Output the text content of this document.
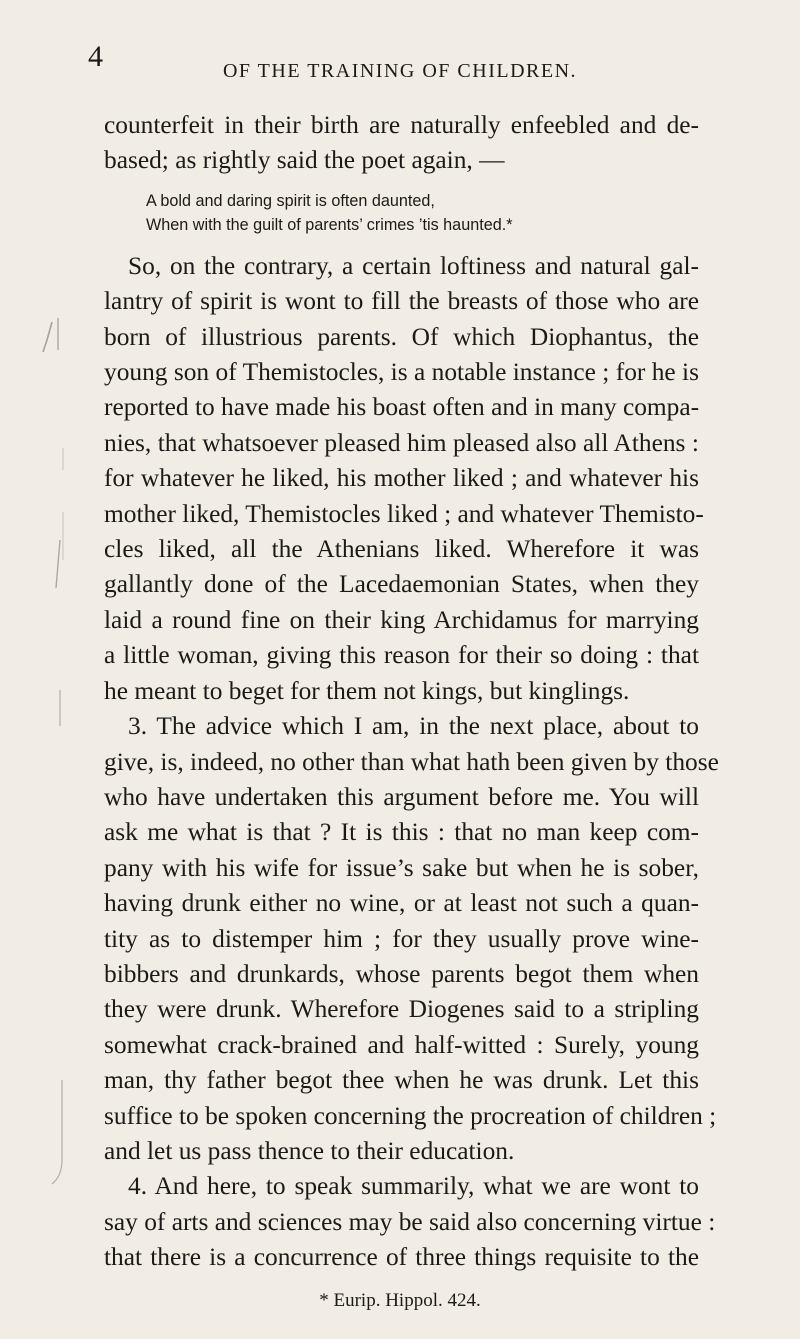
4	OF THE TRAINING OF CHILDREN.

counterfeit in their birth are naturally enfeebled and de-
based; as rightly said the poet again, —

A bold and daring spirit is often daunted,
When with the guilt of parents’ crimes ’tis haunted.*

So, on the contrary, a certain loftiness and natural gal-
lantry of spirit is wont to fill the breasts of those who are
born of illustrious parents. Of which Diophantus, the
young son of Themistocles, is a notable instance ; for he is
reported to have made his boast often and in many compa-
nies, that whatsoever pleased him pleased also all Athens :
for whatever he liked, his mother liked ; and whatever his
mother liked, Themistocles liked ; and whatever Themisto-
cles liked, all the Athenians liked. Wherefore it was
gallantly done of the Lacedaemonian States, when they
laid a round fine on their king Archidamus for marrying
a little woman, giving this reason for their so doing : that
he meant to beget for them not kings, but kinglings.

3. The advice which I am, in the next place, about to
give, is, indeed, no other than what hath been given by those
who have undertaken this argument before me. You will
ask me what is that ? It is this : that no man keep com-
pany with his wife for issue’s sake but when he is sober,
having drunk either no wine, or at least not such a quan-
tity as to distemper him ; for they usually prove wine-
bibbers and drunkards, whose parents begot them when
they were drunk. Wherefore Diogenes said to a stripling
somewhat crack-brained and half-witted : Surely, young
man, thy father begot thee when he was drunk. Let this
suffice to be spoken concerning the procreation of children ;
and let us pass thence to their education.

4. And here, to speak summarily, what we are wont to
say of arts and sciences may be said also concerning virtue :
that there is a concurrence of three things requisite to the

* Eurip. Hippol. 424.
